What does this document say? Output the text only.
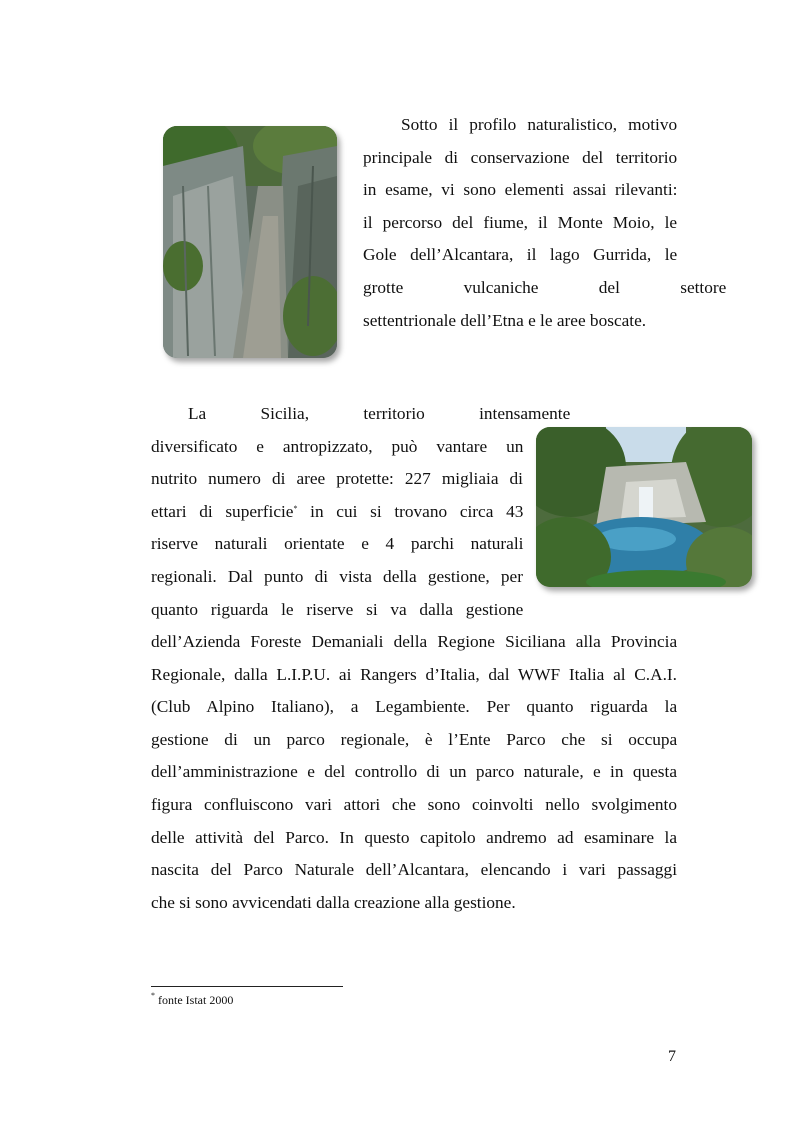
Sotto il profilo naturalistico, motivo
principale di conservazione del territorio
in esame, vi sono elementi assai rilevanti:
il percorso del fiume, il Monte Moio, le
Gole dell’Alcantara, il lago Gurrida, le
grotte vulcaniche del settore
settentrionale dell’Etna e le aree boscate.
La Sicilia, territorio intensamente
diversificato e antropizzato, può vantare un
nutrito numero di aree protette: 227 migliaia di
ettari di superficie* in cui si trovano circa 43
riserve naturali orientate e 4 parchi naturali
regionali. Dal punto di vista della gestione, per
quanto riguarda le riserve si va dalla gestione
dell’Azienda Foreste Demaniali della Regione Siciliana alla Provincia
Regionale, dalla L.I.P.U. ai Rangers d’Italia, dal WWF Italia al C.A.I.
(Club Alpino Italiano), a Legambiente. Per quanto riguarda la
gestione di un parco regionale, è l’Ente Parco che si occupa
dell’amministrazione e del controllo di un parco naturale, e in questa
figura confluiscono vari attori che sono coinvolti nello svolgimento
delle attività del Parco. In questo capitolo andremo ad esaminare la
nascita del Parco Naturale dell’Alcantara, elencando i vari passaggi
che si sono avvicendati dalla creazione alla gestione.
* fonte Istat 2000
7
